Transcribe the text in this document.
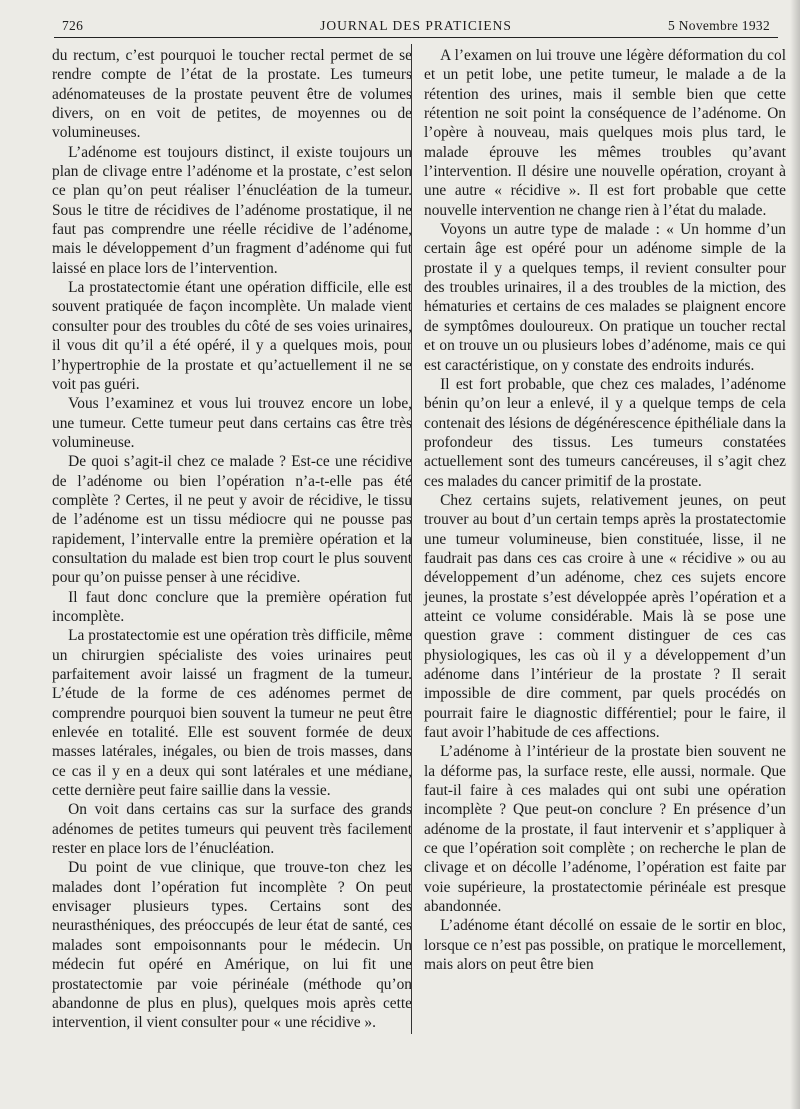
726	JOURNAL DES PRATICIENS	5 Novembre 1932

du rectum, c’est pourquoi le toucher rectal permet de se rendre compte de l’état de la prostate. Les tumeurs adénomateuses de la prostate peuvent être de volumes divers, on en voit de petites, de moyennes ou de volumineuses.

L’adénome est toujours distinct, il existe toujours un plan de clivage entre l’adénome et la prostate, c’est selon ce plan qu’on peut réaliser l’énucléation de la tumeur. Sous le titre de récidives de l’adénome prostatique, il ne faut pas comprendre une réelle récidive de l’adénome, mais le développement d’un fragment d’adénome qui fut laissé en place lors de l’intervention.

La prostatectomie étant une opération difficile, elle est souvent pratiquée de façon incomplète. Un malade vient consulter pour des troubles du côté de ses voies urinaires, il vous dit qu’il a été opéré, il y a quelques mois, pour l’hypertrophie de la prostate et qu’actuellement il ne se voit pas guéri.

Vous l’examinez et vous lui trouvez encore un lobe, une tumeur. Cette tumeur peut dans certains cas être très volumineuse.

De quoi s’agit-il chez ce malade ? Est-ce une récidive de l’adénome ou bien l’opération n’a-t-elle pas été complète ? Certes, il ne peut y avoir de récidive, le tissu de l’adénome est un tissu médiocre qui ne pousse pas rapidement, l’intervalle entre la première opération et la consultation du malade est bien trop court le plus souvent pour qu’on puisse penser à une récidive.

Il faut donc conclure que la première opération fut incomplète.

La prostatectomie est une opération très difficile, même un chirurgien spécialiste des voies urinaires peut parfaitement avoir laissé un fragment de la tumeur. L’étude de la forme de ces adénomes permet de comprendre pourquoi bien souvent la tumeur ne peut être enlevée en totalité. Elle est souvent formée de deux masses latérales, inégales, ou bien de trois masses, dans ce cas il y en a deux qui sont latérales et une médiane, cette dernière peut faire saillie dans la vessie.

On voit dans certains cas sur la surface des grands adénomes de petites tumeurs qui peuvent très facilement rester en place lors de l’énucléation.

Du point de vue clinique, que trouve-ton chez les malades dont l’opération fut incomplète ? On peut envisager plusieurs types. Certains sont des neurasthéniques, des préoccupés de leur état de santé, ces malades sont empoisonnants pour le médecin. Un médecin fut opéré en Amérique, on lui fit une prostatectomie par voie périnéale (méthode qu’on abandonne de plus en plus), quelques mois après cette intervention, il vient consulter pour « une récidive ».

A l’examen on lui trouve une légère déformation du col et un petit lobe, une petite tumeur, le malade a de la rétention des urines, mais il semble bien que cette rétention ne soit point la conséquence de l’adénome. On l’opère à nouveau, mais quelques mois plus tard, le malade éprouve les mêmes troubles qu’avant l’intervention. Il désire une nouvelle opération, croyant à une autre « récidive ». Il est fort probable que cette nouvelle intervention ne change rien à l’état du malade.

Voyons un autre type de malade : « Un homme d’un certain âge est opéré pour un adénome simple de la prostate il y a quelques temps, il revient consulter pour des troubles urinaires, il a des troubles de la miction, des hématuries et certains de ces malades se plaignent encore de symptômes douloureux. On pratique un toucher rectal et on trouve un ou plusieurs lobes d’adénome, mais ce qui est caractéristique, on y constate des endroits indurés.

Il est fort probable, que chez ces malades, l’adénome bénin qu’on leur a enlevé, il y a quelque temps de cela contenait des lésions de dégénérescence épithéliale dans la profondeur des tissus. Les tumeurs constatées actuellement sont des tumeurs cancéreuses, il s’agit chez ces malades du cancer primitif de la prostate.

Chez certains sujets, relativement jeunes, on peut trouver au bout d’un certain temps après la prostatectomie une tumeur volumineuse, bien constituée, lisse, il ne faudrait pas dans ces cas croire à une « récidive » ou au développement d’un adénome, chez ces sujets encore jeunes, la prostate s’est développée après l’opération et a atteint ce volume considérable. Mais là se pose une question grave : comment distinguer de ces cas physiologiques, les cas où il y a développement d’un adénome dans l’intérieur de la prostate ? Il serait impossible de dire comment, par quels procédés on pourrait faire le diagnostic différentiel; pour le faire, il faut avoir l’habitude de ces affections.

L’adénome à l’intérieur de la prostate bien souvent ne la déforme pas, la surface reste, elle aussi, normale. Que faut-il faire à ces malades qui ont subi une opération incomplète ? Que peut-on conclure ? En présence d’un adénome de la prostate, il faut intervenir et s’appliquer à ce que l’opération soit complète ; on recherche le plan de clivage et on décolle l’adénome, l’opération est faite par voie supérieure, la prostatectomie périnéale est presque abandonnée.

L’adénome étant décollé on essaie de le sortir en bloc, lorsque ce n’est pas possible, on pratique le morcellement, mais alors on peut être bien
